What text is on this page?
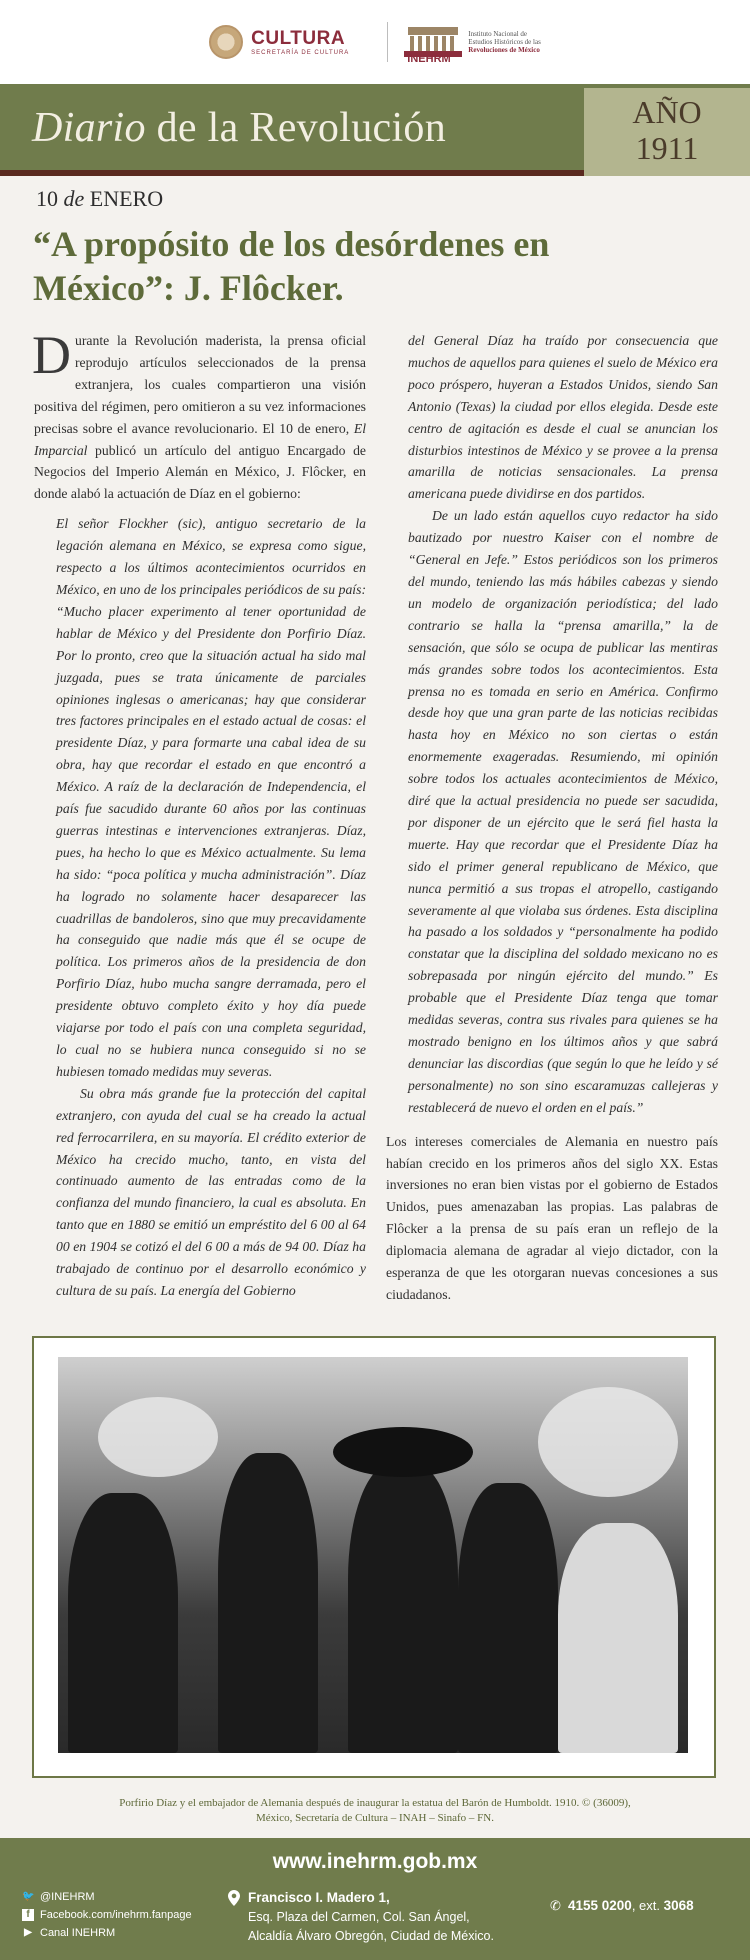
CULTURA
SECRETARÍA DE CULTURA	INEHRM
Instituto Nacional de
Estudios Históricos de las
Revoluciones de México
Diario de la Revolución	AÑO
1911
10 de ENERO
“A propósito de los desórdenes en México”: J. Flôcker.

Durante la Revolución maderista, la prensa oficial reprodujo artículos seleccionados de la prensa extranjera, los cuales compartieron una visión positiva del régimen, pero omitieron a su vez informaciones precisas sobre el avance revolucionario. El 10 de enero, El Imparcial publicó un artículo del antiguo Encargado de Negocios del Imperio Alemán en México, J. Flôcker, en donde alabó la actuación de Díaz en el gobierno:

El señor Flockher (sic), antiguo secretario de la legación alemana en México, se expresa como sigue, respecto a los últimos acontecimientos ocurridos en México, en uno de los principales periódicos de su país: “Mucho placer experimento al tener oportunidad de hablar de México y del Presidente don Porfirio Díaz. Por lo pronto, creo que la situación actual ha sido mal juzgada, pues se trata únicamente de parciales opiniones inglesas o americanas; hay que considerar tres factores principales en el estado actual de cosas: el presidente Díaz, y para formarte una cabal idea de su obra, hay que recordar el estado en que encontró a México. A raíz de la declaración de Independencia, el país fue sacudido durante 60 años por las continuas guerras intestinas e intervenciones extranjeras. Díaz, pues, ha hecho lo que es México actualmente. Su lema ha sido: “poca política y mucha administración”. Díaz ha logrado no solamente hacer desaparecer las cuadrillas de bandoleros, sino que muy precavidamente ha conseguido que nadie más que él se ocupe de política. Los primeros años de la presidencia de don Porfirio Díaz, hubo mucha sangre derramada, pero el presidente obtuvo completo éxito y hoy día puede viajarse por todo el país con una completa seguridad, lo cual no se hubiera nunca conseguido si no se hubiesen tomado medidas muy severas.

Su obra más grande fue la protección del capital extranjero, con ayuda del cual se ha creado la actual red ferrocarrilera, en su mayoría. El crédito exterior de México ha crecido mucho, tanto, en vista del continuado aumento de las entradas como de la confianza del mundo financiero, la cual es absoluta. En tanto que en 1880 se emitió un empréstito del 6 00 al 64 00 en 1904 se cotizó el del 6 00 a más de 94 00. Díaz ha trabajado de continuo por el desarrollo económico y cultura de su país. La energía del Gobierno

del General Díaz ha traído por consecuencia que muchos de aquellos para quienes el suelo de México era poco próspero, huyeran a Estados Unidos, siendo San Antonio (Texas) la ciudad por ellos elegida. Desde este centro de agitación es desde el cual se anuncian los disturbios intestinos de México y se provee a la prensa amarilla de noticias sensacionales. La prensa americana puede dividirse en dos partidos.

De un lado están aquellos cuyo redactor ha sido bautizado por nuestro Kaiser con el nombre de “General en Jefe.” Estos periódicos son los primeros del mundo, teniendo las más hábiles cabezas y siendo un modelo de organización periodística; del lado contrario se halla la “prensa amarilla,” la de sensación, que sólo se ocupa de publicar las mentiras más grandes sobre todos los acontecimientos. Esta prensa no es tomada en serio en América. Confirmo desde hoy que una gran parte de las noticias recibidas hasta hoy en México no son ciertas o están enormemente exageradas. Resumiendo, mi opinión sobre todos los actuales acontecimientos de México, diré que la actual presidencia no puede ser sacudida, por disponer de un ejército que le será fiel hasta la muerte. Hay que recordar que el Presidente Díaz ha sido el primer general republicano de México, que nunca permitió a sus tropas el atropello, castigando severamente al que violaba sus órdenes. Esta disciplina ha pasado a los soldados y “personalmente ha podido constatar que la disciplina del soldado mexicano no es sobrepasada por ningún ejército del mundo.” Es probable que el Presidente Díaz tenga que tomar medidas severas, contra sus rivales para quienes se ha mostrado benigno en los últimos años y que sabrá denunciar las discordias (que según lo que he leído y sé personalmente) no son sino escaramuzas callejeras y restablecerá de nuevo el orden en el país.”

Los intereses comerciales de Alemania en nuestro país habían crecido en los primeros años del siglo XX. Estas inversiones no eran bien vistas por el gobierno de Estados Unidos, pues amenazaban las propias. Las palabras de Flôcker a la prensa de su país eran un reflejo de la diplomacia alemana de agradar al viejo dictador, con la esperanza de que les otorgaran nuevas concesiones a sus ciudadanos.

Porfirio Díaz y el embajador de Alemania después de inaugurar la estatua del Barón de Humboldt. 1910. © (36009),
México, Secretaría de Cultura – INAH – Sinafo – FN.
www.inehrm.gob.mx
🐦 @INEHRM
f Facebook.com/inehrm.fanpage
▶ Canal INEHRM
Francisco I. Madero 1,
Esq. Plaza del Carmen, Col. San Ángel,
Alcaldía Álvaro Obregón, Ciudad de México.
✆ 4155 0200, ext. 3068
